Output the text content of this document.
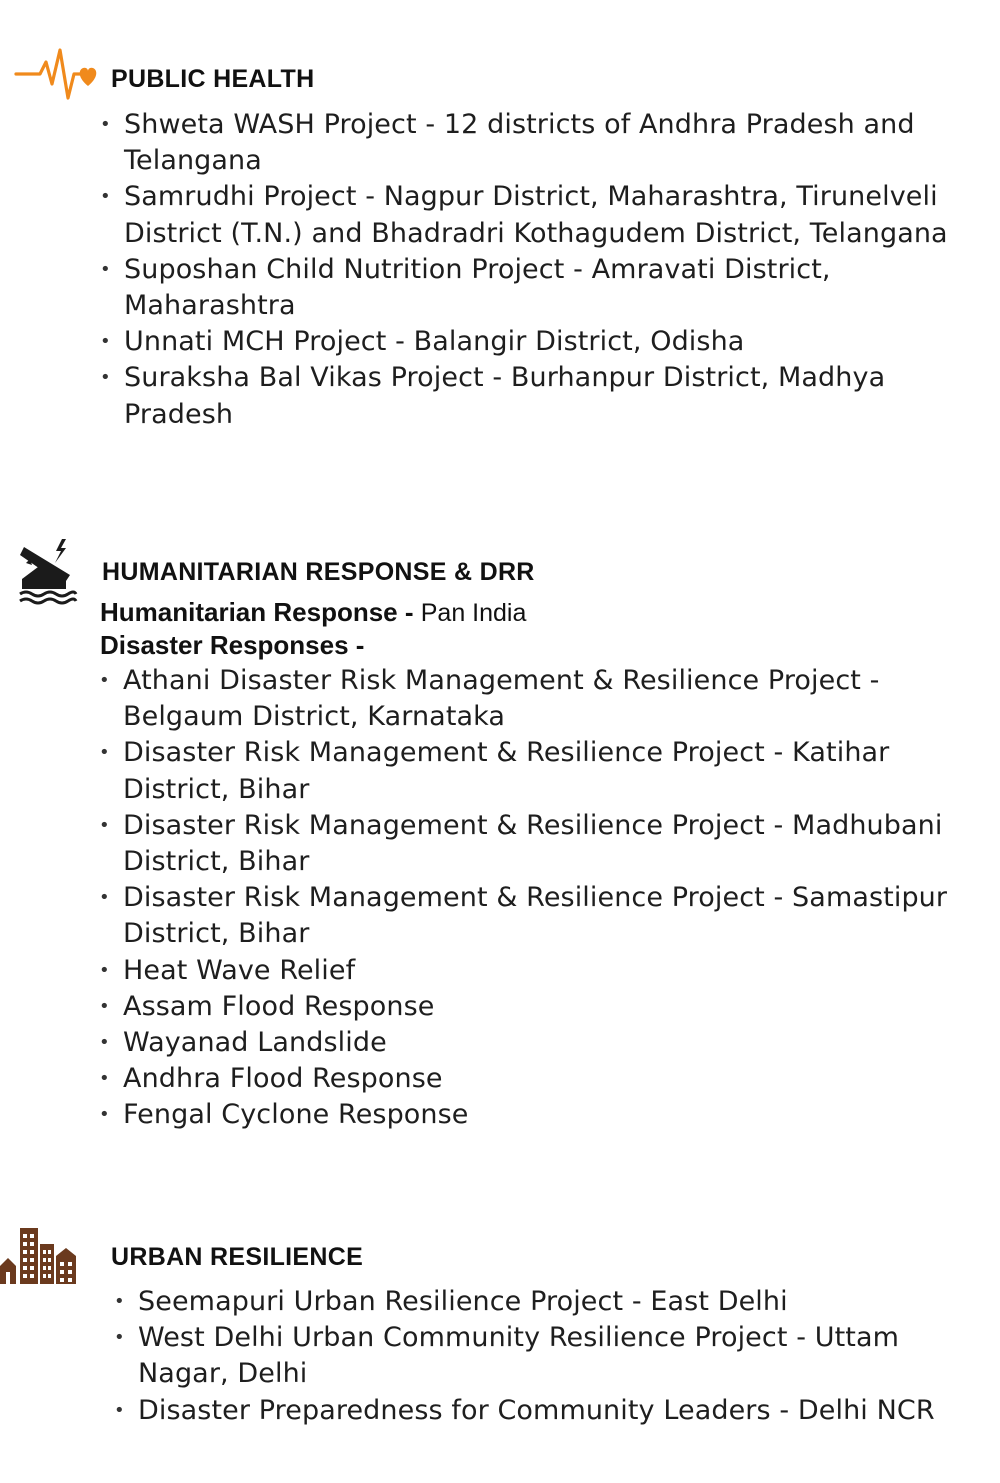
PUBLIC HEALTH
• Shweta WASH Project - 12 districts of Andhra Pradesh and Telangana
• Samrudhi Project - Nagpur District, Maharashtra, Tirunelveli District (T.N.) and Bhadradri Kothagudem District, Telangana
• Suposhan Child Nutrition Project - Amravati District, Maharashtra
• Unnati MCH Project - Balangir District, Odisha
• Suraksha Bal Vikas Project - Burhanpur District, Madhya Pradesh
HUMANITARIAN RESPONSE & DRR
Humanitarian Response - Pan India
Disaster Responses -
• Athani Disaster Risk Management & Resilience Project - Belgaum District, Karnataka
• Disaster Risk Management & Resilience Project - Katihar District, Bihar
• Disaster Risk Management & Resilience Project - Madhubani District, Bihar
• Disaster Risk Management & Resilience Project - Samastipur District, Bihar
• Heat Wave Relief
• Assam Flood Response
• Wayanad Landslide
• Andhra Flood Response
• Fengal Cyclone Response
URBAN RESILIENCE
• Seemapuri Urban Resilience Project - East Delhi
• West Delhi Urban Community Resilience Project - Uttam Nagar, Delhi
• Disaster Preparedness for Community Leaders - Delhi NCR
